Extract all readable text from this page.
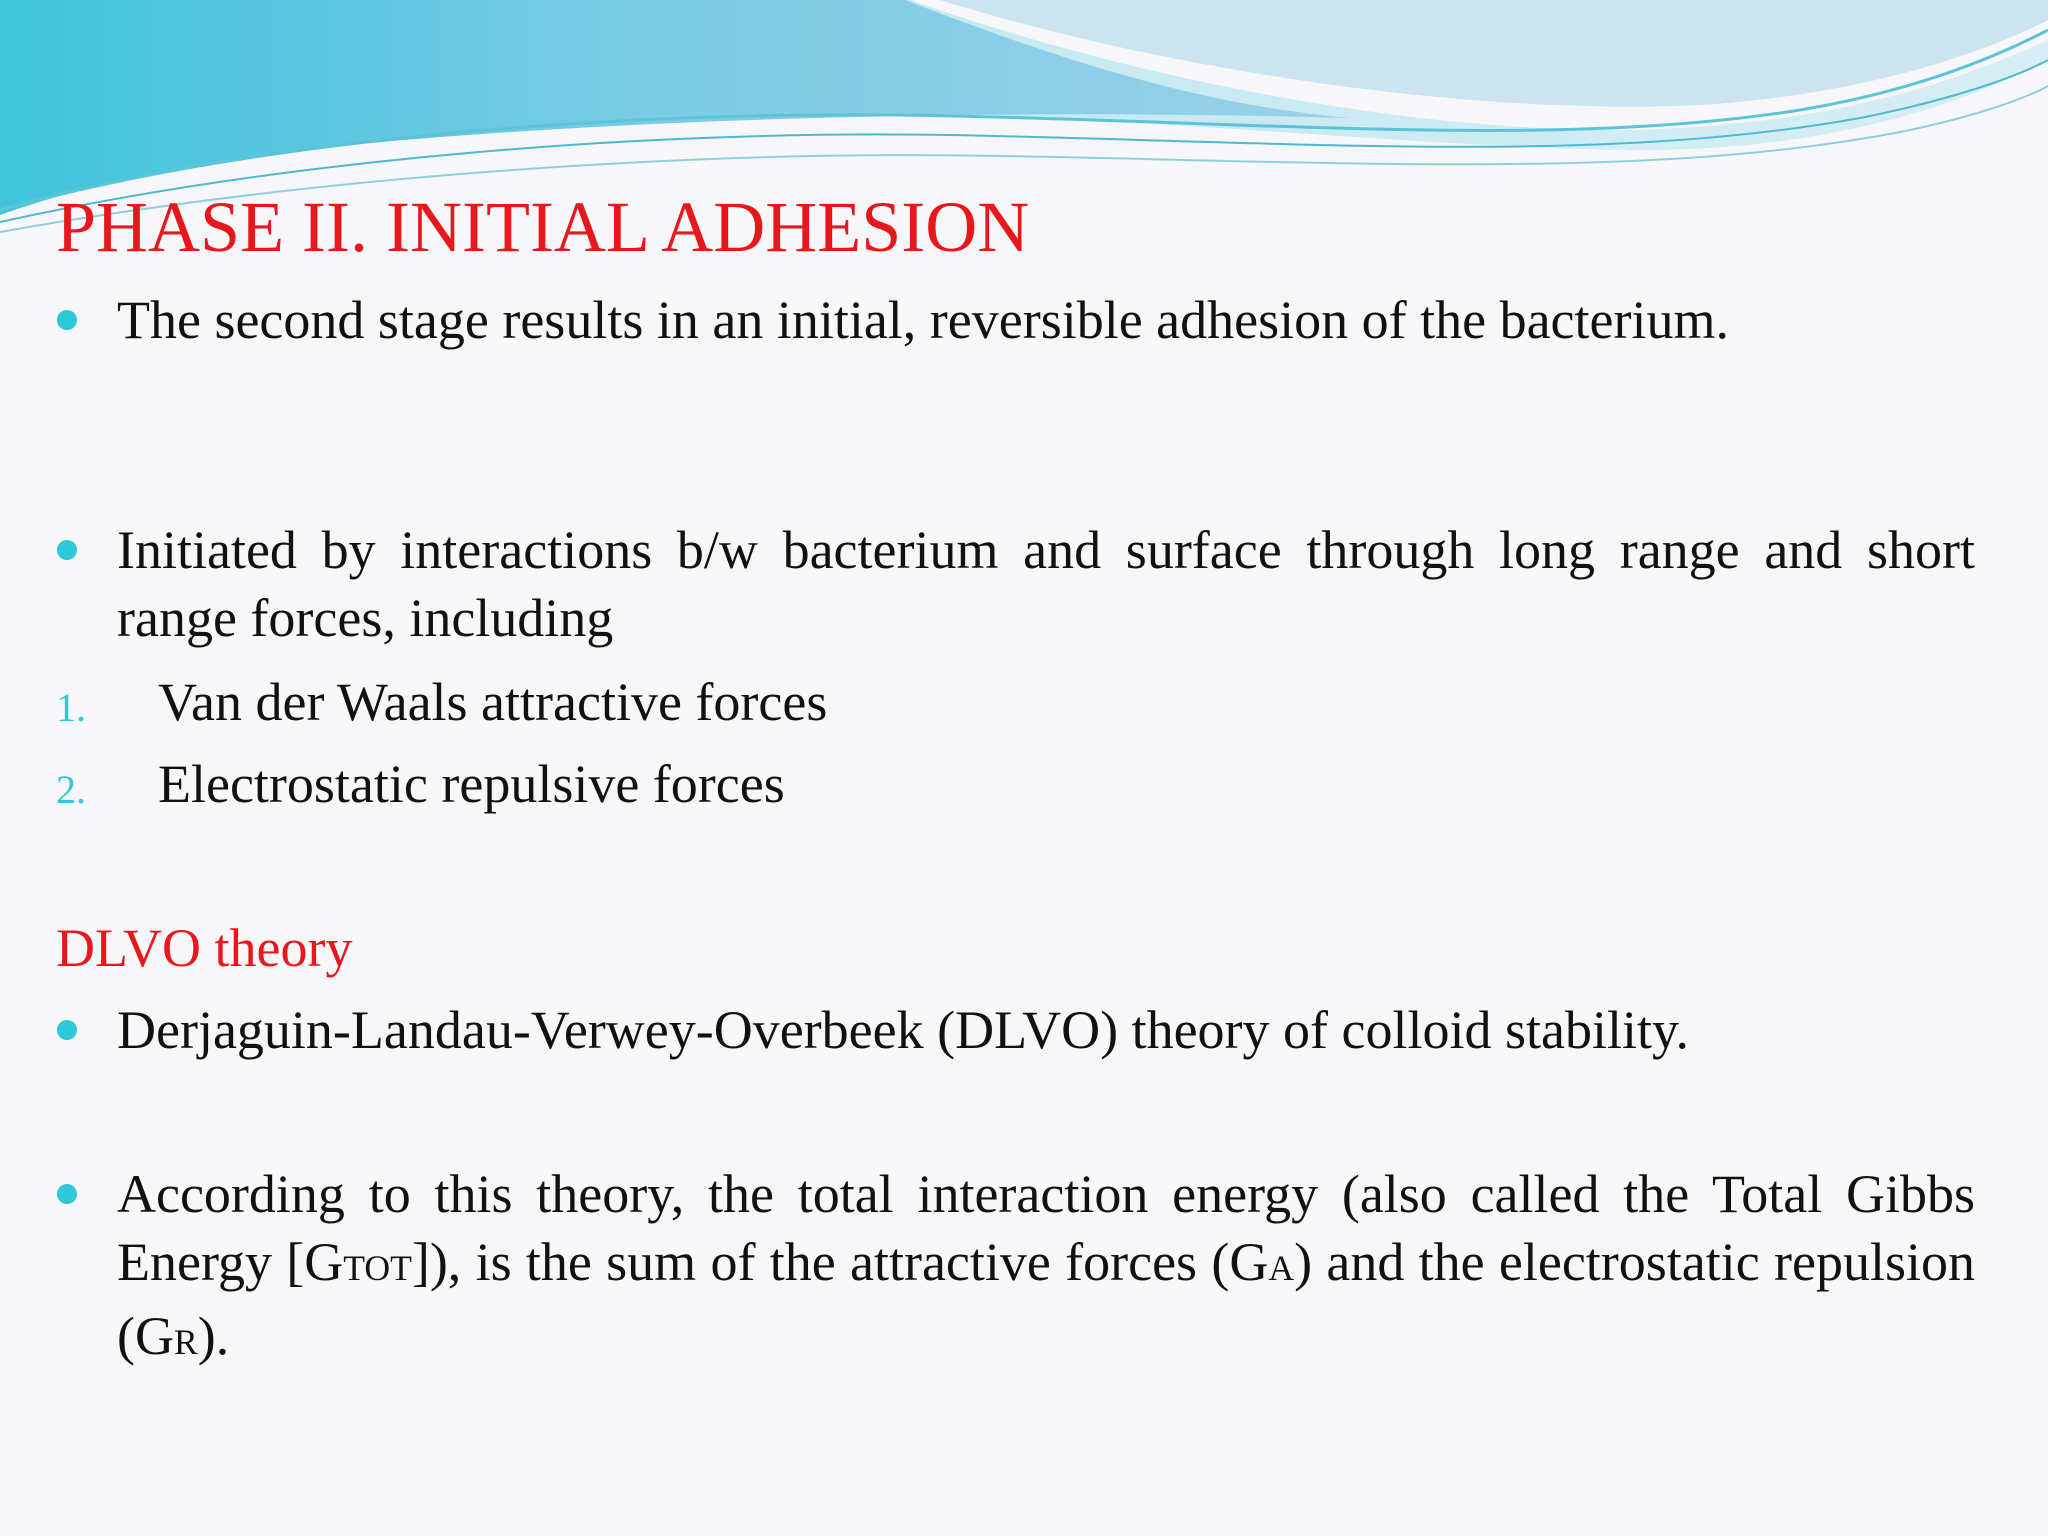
PHASE II. INITIAL ADHESION
The second stage results in an initial, reversible adhesion of the bacterium.
Initiated by interactions b/w bacterium and surface through long range and short range forces, including
1. Van der Waals attractive forces
2. Electrostatic repulsive forces
DLVO theory
Derjaguin-Landau-Verwey-Overbeek (DLVO) theory of colloid stability.
According to this theory, the total interaction energy (also called the Total Gibbs Energy [GTOT]), is the sum of the attractive forces (GA) and the electrostatic repulsion (GR).
